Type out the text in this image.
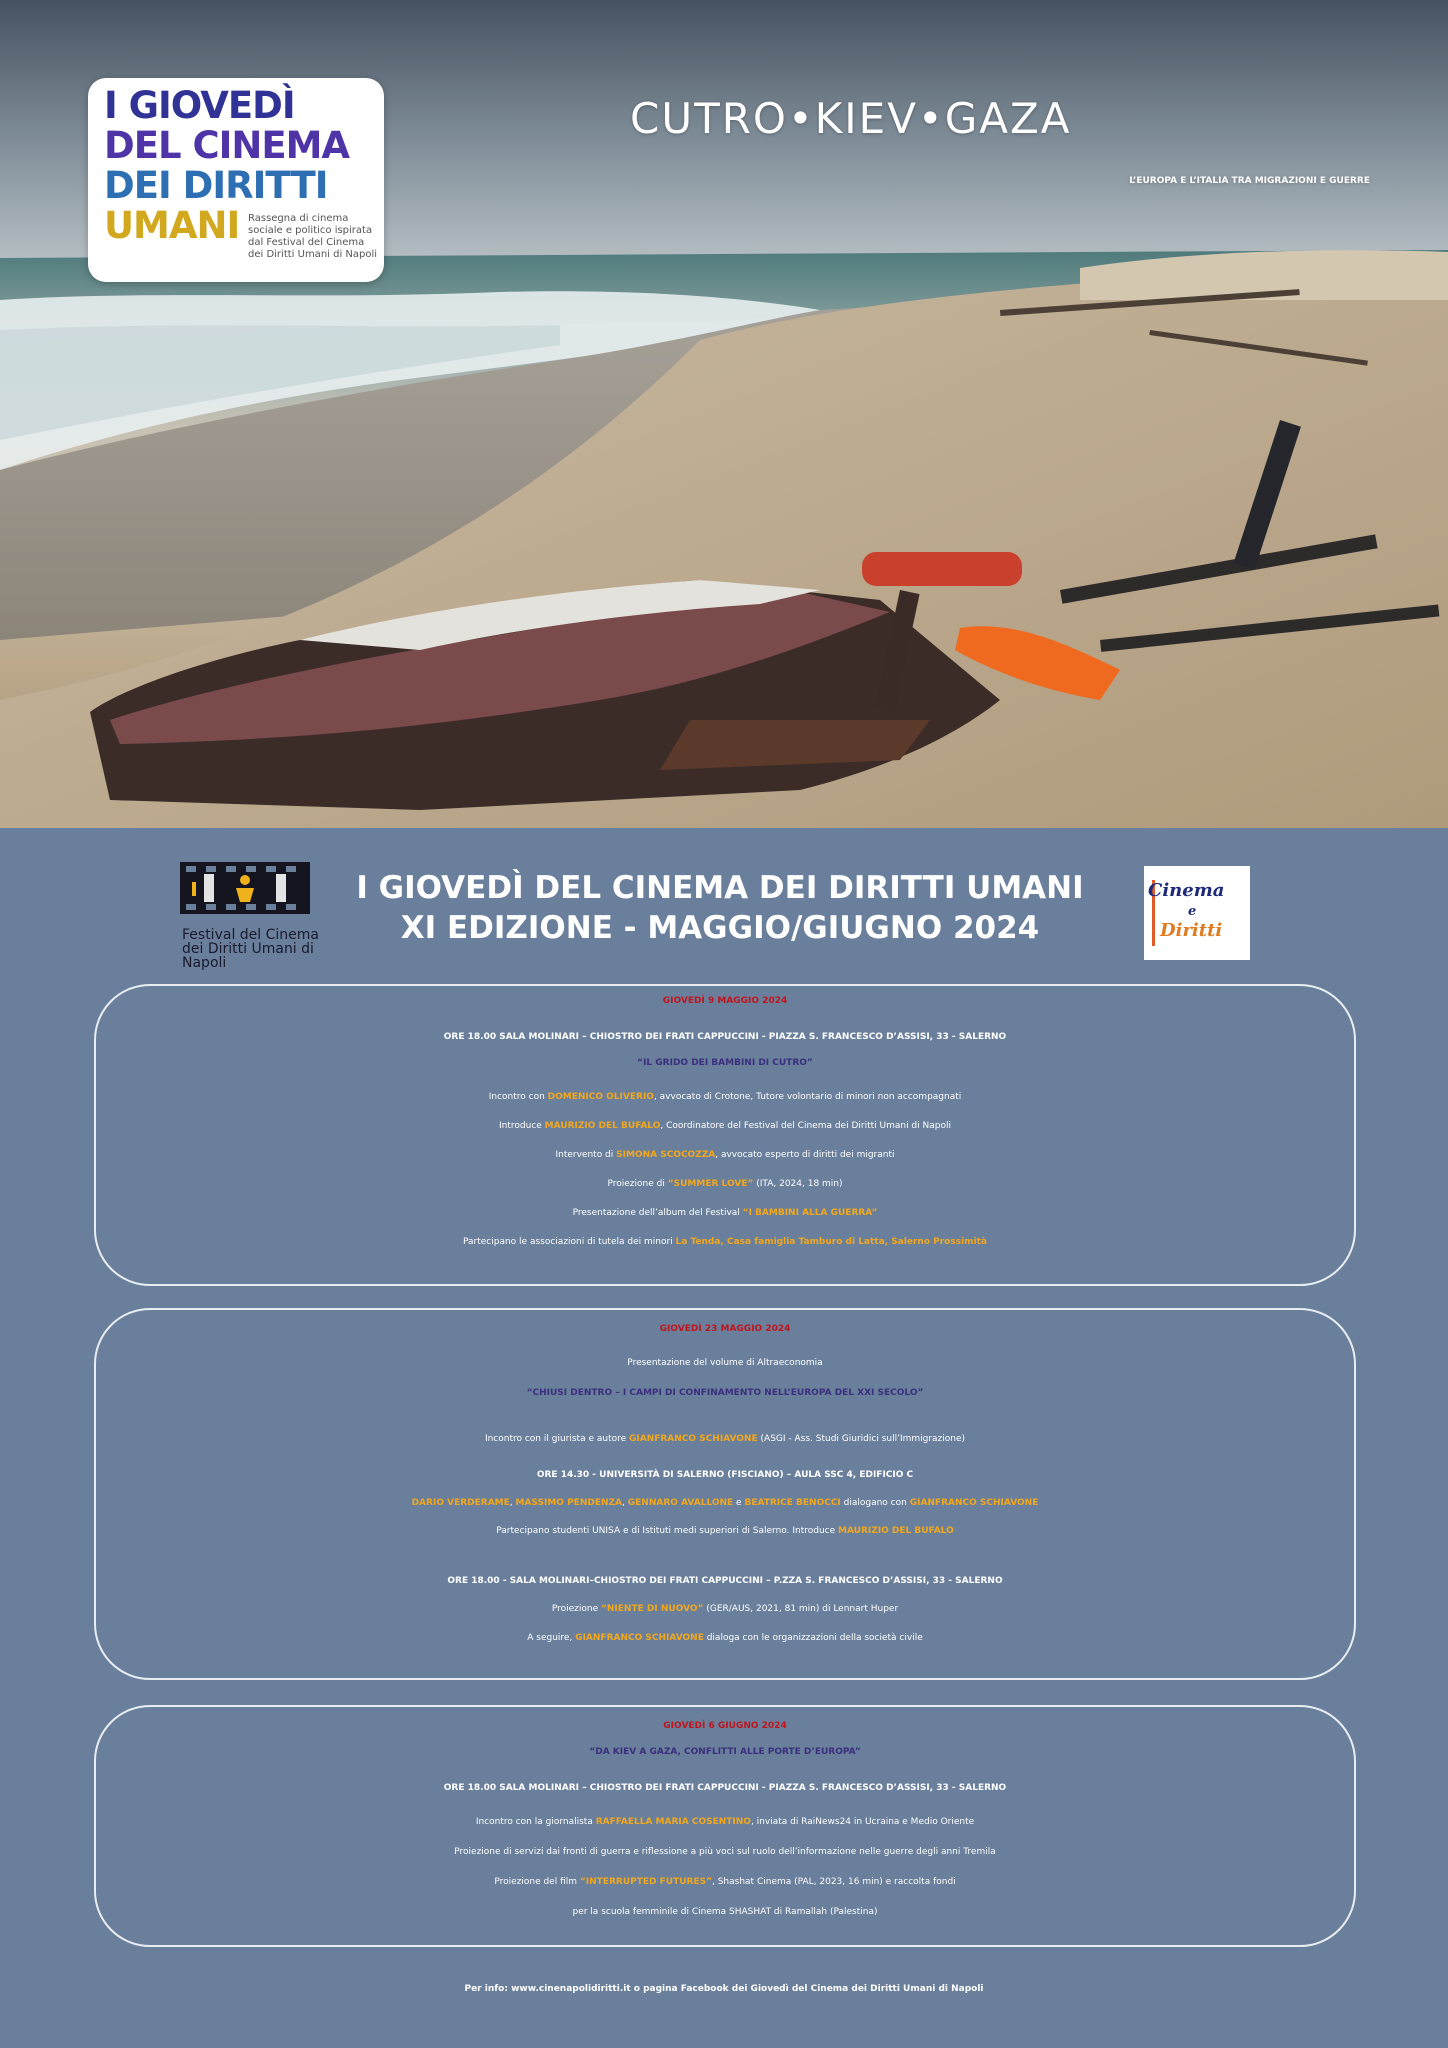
I GIOVEDÌ
DEL CINEMA
DEI DIRITTI
UMANI Rassegna di cinema sociale e politico ispirata dal Festival del Cinema dei Diritti Umani di Napoli
CUTRO•KIEV•GAZA
L’EUROPA E L’ITALIA TRA MIGRAZIONI E GUERRE
Festival del Cinema dei Diritti Umani di Napoli
I GIOVEDÌ DEL CINEMA DEI DIRITTI UMANI
XI EDIZIONE - MAGGIO/GIUGNO 2024
Cinema
e
Diritti
GIOVEDÌ 9 MAGGIO 2024
ORE 18.00 SALA MOLINARI – CHIOSTRO DEI FRATI CAPPUCCINI - PIAZZA S. FRANCESCO D’ASSISI, 33 - SALERNO
“IL GRIDO DEI BAMBINI DI CUTRO”
Incontro con DOMENICO OLIVERIO, avvocato di Crotone, Tutore volontario di minori non accompagnati
Introduce MAURIZIO DEL BUFALO, Coordinatore del Festival del Cinema dei Diritti Umani di Napoli
Intervento di SIMONA SCOCOZZA, avvocato esperto di diritti dei migranti
Proiezione di “SUMMER LOVE” (ITA, 2024, 18 min)
Presentazione dell’album del Festival “I BAMBINI ALLA GUERRA”
Partecipano le associazioni di tutela dei minori La Tenda, Casa famiglia Tamburo di Latta, Salerno Prossimità
GIOVEDÌ 23 MAGGIO 2024
Presentazione del volume di Altraeconomia
“CHIUSI DENTRO – I CAMPI DI CONFINAMENTO NELL’EUROPA DEL XXI SECOLO”
Incontro con il giurista e autore GIANFRANCO SCHIAVONE (ASGI - Ass. Studi Giuridici sull’Immigrazione)
ORE 14.30 - UNIVERSITÀ DI SALERNO (FISCIANO) – AULA SSC 4, EDIFICIO C
DARIO VERDERAME, MASSIMO PENDENZA, GENNARO AVALLONE e BEATRICE BENOCCI dialogano con GIANFRANCO SCHIAVONE
Partecipano studenti UNISA e di Istituti medi superiori di Salerno. Introduce MAURIZIO DEL BUFALO
ORE 18.00 - SALA MOLINARI–CHIOSTRO DEI FRATI CAPPUCCINI – P.ZZA S. FRANCESCO D’ASSISI, 33 - SALERNO
Proiezione “NIENTE DI NUOVO” (GER/AUS, 2021, 81 min) di Lennart Huper
A seguire, GIANFRANCO SCHIAVONE dialoga con le organizzazioni della società civile
GIOVEDÌ 6 GIUGNO 2024
“DA KIEV A GAZA, CONFLITTI ALLE PORTE D’EUROPA”
ORE 18.00 SALA MOLINARI – CHIOSTRO DEI FRATI CAPPUCCINI - PIAZZA S. FRANCESCO D’ASSISI, 33 - SALERNO
Incontro con la giornalista RAFFAELLA MARIA COSENTINO, inviata di RaiNews24 in Ucraina e Medio Oriente
Proiezione di servizi dai fronti di guerra e riflessione a più voci sul ruolo dell’informazione nelle guerre degli anni Tremila
Proiezione del film “INTERRUPTED FUTURES”, Shashat Cinema (PAL, 2023, 16 min) e raccolta fondi
per la scuola femminile di Cinema SHASHAT di Ramallah (Palestina)
Per info: www.cinenapolidiritti.it o pagina Facebook dei Giovedì del Cinema dei Diritti Umani di Napoli
